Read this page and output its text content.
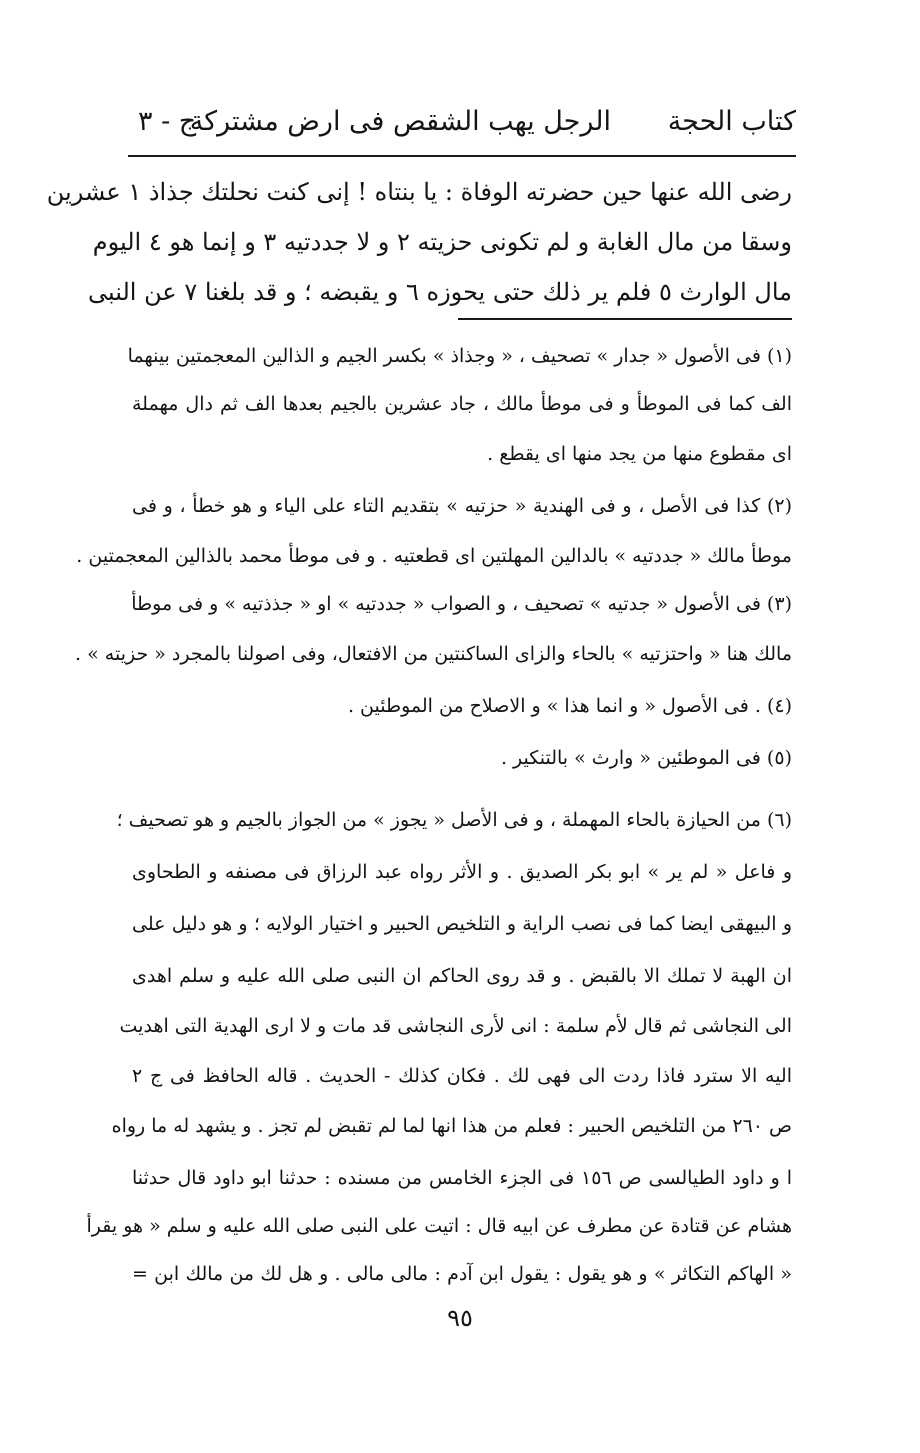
كتاب الحجة
الرجل يهب الشقص فى ارض مشتركة
ج - ٣
رضى الله عنها حين حضرته الوفاة : يا بنتاه ! إنى كنت نحلتك جذاذ ١ عشرين
وسقا من مال الغابة و لم تكونى حزيته ٢ و لا جددتيه ٣ و إنما هو ٤ اليوم
مال الوارث ٥ فلم ير ذلك حتى يحوزه ٦ و يقبضه ؛ و قد بلغنا ٧ عن النبى
(١) فى الأصول « جدار » تصحيف ، « وجذاذ » بكسر الجيم و الذالين المعجمتين بينهما
الف كما فى الموطأ و فى موطأ مالك ، جاد عشرين بالجيم بعدها الف ثم دال مهملة
اى مقطوع منها من يجد منها اى يقطع .
(٢) كذا فى الأصل ، و فى الهندية « حزتيه » بتقديم التاء على الياء و هو خطأ ، و فى
موطأ مالك « جددتيه » بالدالين المهلتين اى قطعتيه . و فى موطأ محمد بالذالين المعجمتين .
(٣) فى الأصول « جدتيه » تصحيف ، و الصواب « جددتيه » او « جذذتيه » و فى موطأ
مالك هنا « واحتزتيه » بالحاء والزاى الساكنتين من الافتعال، وفى اصولنا بالمجرد « حزيته » .
(٤) . فى الأصول « و انما هذا » و الاصلاح من الموطئين .
(٥) فى الموطئين « وارث » بالتنكير .
(٦) من الحيازة بالحاء المهملة ، و فى الأصل « يجوز » من الجواز بالجيم و هو تصحيف ؛
و فاعل « لم ير » ابو بكر الصديق . و الأثر رواه عبد الرزاق فى مصنفه و الطحاوى
و البيهقى ايضا كما فى نصب الراية و التلخيص الحبير و اختيار الولايه ؛ و هو دليل على
ان الهبة لا تملك الا بالقبض . و قد روى الحاكم ان النبى صلى الله عليه و سلم اهدى
الى النجاشى ثم قال لأم سلمة : انى لأرى النجاشى قد مات و لا ارى الهدية التى اهديت
اليه الا سترد فاذا ردت الى فهى لك . فكان كذلك - الحديث . قاله الحافظ فى ج ٢
ص ٢٦٠ من التلخيص الحبير : فعلم من هذا انها لما لم تقبض لم تجز . و يشهد له ما رواه
ا و داود الطيالسى ص ١٥٦ فى الجزء الخامس من مسنده : حدثنا ابو داود قال حدثنا
هشام عن قتادة عن مطرف عن ابيه قال : اتيت على النبى صلى الله عليه و سلم « هو يقرأ
« الهاكم التكاثر » و هو يقول : يقول ابن آدم : مالى مالى . و هل لك من مالك ابن =
٩٥
